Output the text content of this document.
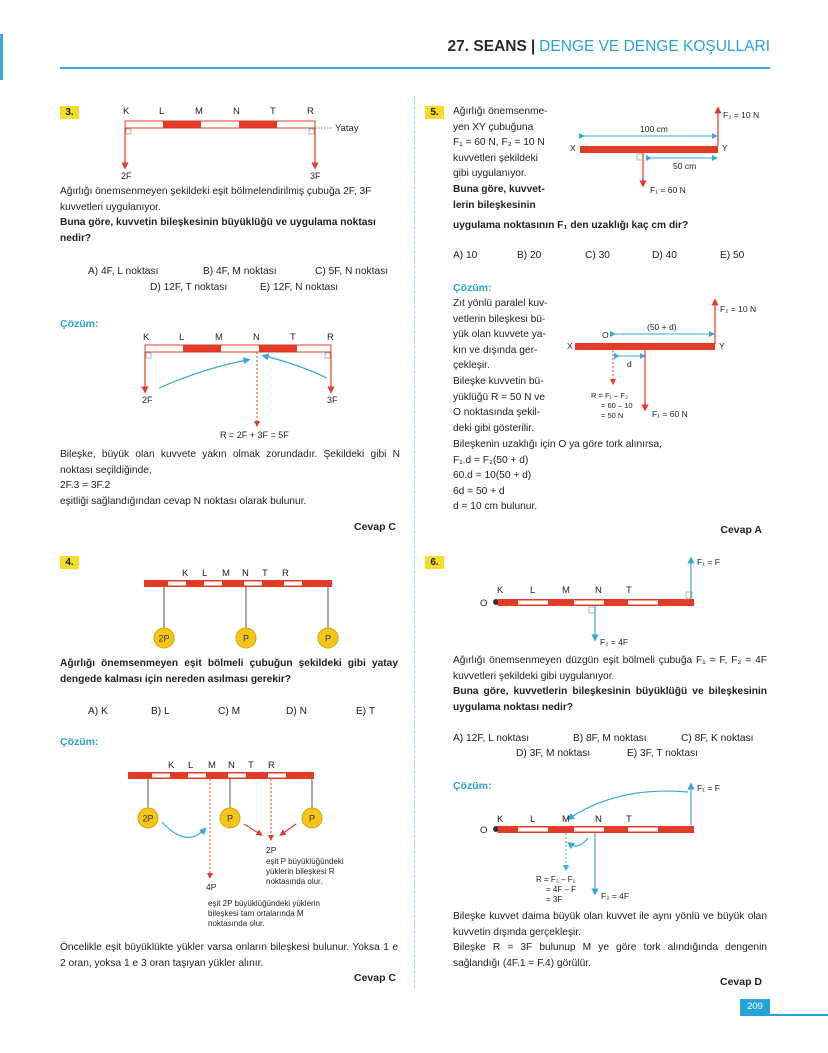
27. SEANS | DENGE VE DENGE KOŞULLARI
3.	K	L	M	N	T	R
Yatay
2F	3F
Ağırlığı önemsenmeyen şekildeki eşit bölmelendirilmiş çubuğa 2F, 3F kuvvetleri uygulanıyor.
Buna göre, kuvvetin bileşkesinin büyüklüğü ve uygulama noktası nedir?
A) 4F, L noktası	B) 4F, M noktası	C) 5F, N noktası
D) 12F, T noktası	E) 12F, N noktası
Çözüm:
K	L	M	N	T	R
2F	3F
R = 2F + 3F = 5F
Bileşke, büyük olan kuvvete yakın olmak zorundadır. Şekildeki gibi N noktası seçildiğinde,
2F.3 = 3F.2
eşitliği sağlandığından cevap N noktası olarak bulunur.
Cevap C
4.
K L M N T R
2P	P	P
Ağırlığı önemsenmeyen eşit bölmeli çubuğun şekildeki gibi yatay dengede kalması için nereden asılması gerekir?
A) K	B) L	C) M	D) N	E) T
Çözüm:
K L M N T R
2P	P	P
2P
eşit P büyüklüğündeki
yüklerin bileşkesi R
noktasında olur.
4P
eşit 2P büyüklüğündeki yüklerin
bileşkesi tam ortalarında M
noktasında olur.
Öncelikle eşit büyüklükte yükler varsa onların bileşkesi bulunur. Yoksa 1 e 2 oran, yoksa 1 e 3 oran taşıyan yükler alınır.
Cevap C
5.	Ağırlığı önemsenme-
yen XY çubuğuna
F₁ = 60 N, F₂ = 10 N
kuvvetleri şekildeki
gibi uygulanıyor.
Buna göre, kuvvet-
lerin bileşkesinin
uygulama noktasının F₁ den uzaklığı kaç cm dir?
F₂ = 10 N
100 cm
X	Y
50 cm
F₁ = 60 N
A) 10	B) 20	C) 30	D) 40	E) 50
Çözüm:
Zıt yönlü paralel kuv-
vetlerin bileşkesi bü-
yük olan kuvvete ya-
kın ve dışında ger-
çekleşir.
Bileşke kuvvetin bü-
yüklüğü R = 50 N ve
O noktasında şekil-
deki gibi gösterilir.
F₂ = 10 N
O
(50 + d)
X	Y
d
R = F₁ – F₂
= 60 – 10
= 50 N	F₁ = 60 N
Bileşkenin uzaklığı için O ya göre tork alınırsa,
F₁.d = F₂(50 + d)
60.d = 10(50 + d)
6d = 50 + d
d = 10 cm bulunur.
Cevap A
6.	F₁ = F
K	L	M	N	T
O
F₂ = 4F
Ağırlığı önemsenmeyen düzgün eşit bölmeli çubuğa F₁ = F, F₂ = 4F kuvvetleri şekildeki gibi uygulanıyor.
Buna göre, kuvvetlerin bileşkesinin büyüklüğü ve bileşkesinin uygulama noktası nedir?
A) 12F, L noktası	B) 8F, M noktası	C) 8F, K noktası
D) 3F, M noktası	E) 3F, T noktası
Çözüm:	F₁ = F
K	L	M	N	T
O
R = F₂ – F₁
= 4F – F
= 3F	F₂ = 4F
Bileşke kuvvet daima büyük olan kuvvet ile aynı yönlü ve büyük olan kuvvetin dışında gerçekleşir.
Bileşke R = 3F bulunup M ye göre tork alındığında dengenin sağlandığı (4F.1 = F.4) görülür.
Cevap D
209
